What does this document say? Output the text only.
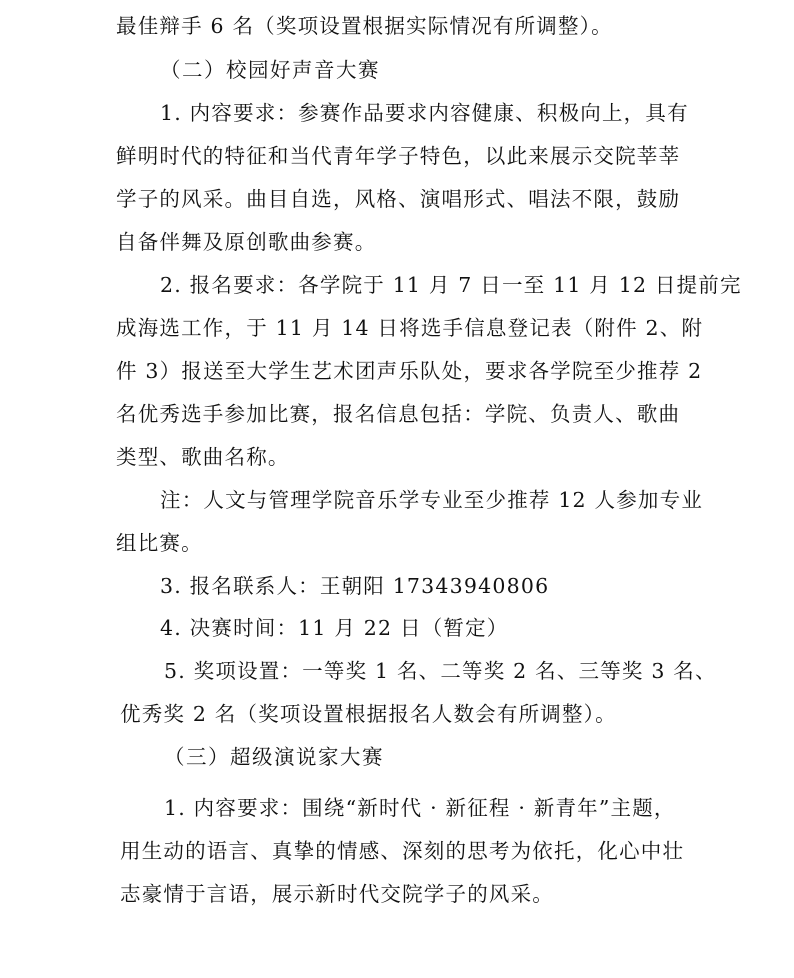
最佳辩手 6 名（奖项设置根据实际情况有所调整）。
（二）校园好声音大赛
1. 内容要求：参赛作品要求内容健康、积极向上，具有
鲜明时代的特征和当代青年学子特色，以此来展示交院莘莘
学子的风采。曲目自选，风格、演唱形式、唱法不限，鼓励
自备伴舞及原创歌曲参赛。
2. 报名要求：各学院于 11 月 7 日一至 11 月 12 日提前完
成海选工作，于 11 月 14 日将选手信息登记表（附件 2、附
件 3）报送至大学生艺术团声乐队处，要求各学院至少推荐 2
名优秀选手参加比赛，报名信息包括：学院、负责人、歌曲
类型、歌曲名称。
注：人文与管理学院音乐学专业至少推荐 12 人参加专业
组比赛。
3. 报名联系人：王朝阳 17343940806
4. 决赛时间：11 月 22 日（暂定）
5. 奖项设置：一等奖 1 名、二等奖 2 名、三等奖 3 名、
优秀奖 2 名（奖项设置根据报名人数会有所调整）。
（三）超级演说家大赛
1. 内容要求：围绕“新时代 · 新征程 · 新青年”主题，
用生动的语言、真挚的情感、深刻的思考为依托，化心中壮
志豪情于言语，展示新时代交院学子的风采。
